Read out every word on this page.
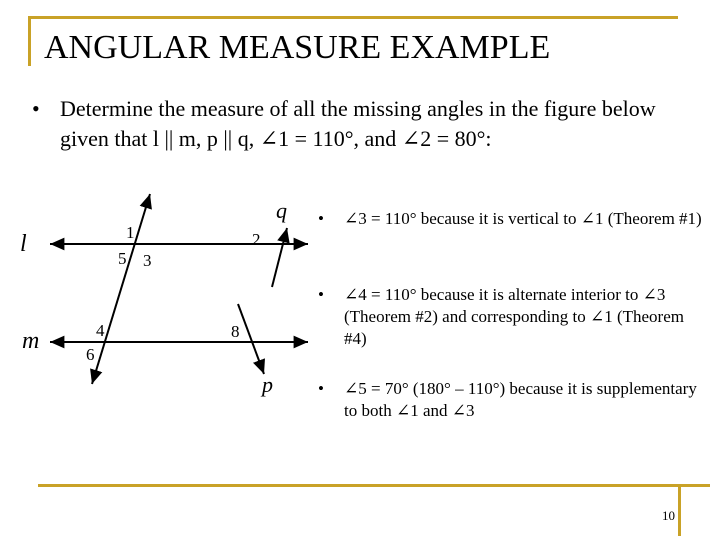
ANGULAR MEASURE EXAMPLE
• Determine the measure of all the missing angles in the figure below given that l || m, p || q, ∠1 = 110°, and ∠2 = 80°:
l
m
p
q
1
5 3
2
4
6
8
• ∠3 = 110° because it is vertical to ∠1 (Theorem #1)
• ∠4 = 110° because it is alternate interior to ∠3 (Theorem #2) and corresponding to ∠1 (Theorem #4)
• ∠5 = 70° (180° – 110°) because it is supplementary to both ∠1 and ∠3
10
